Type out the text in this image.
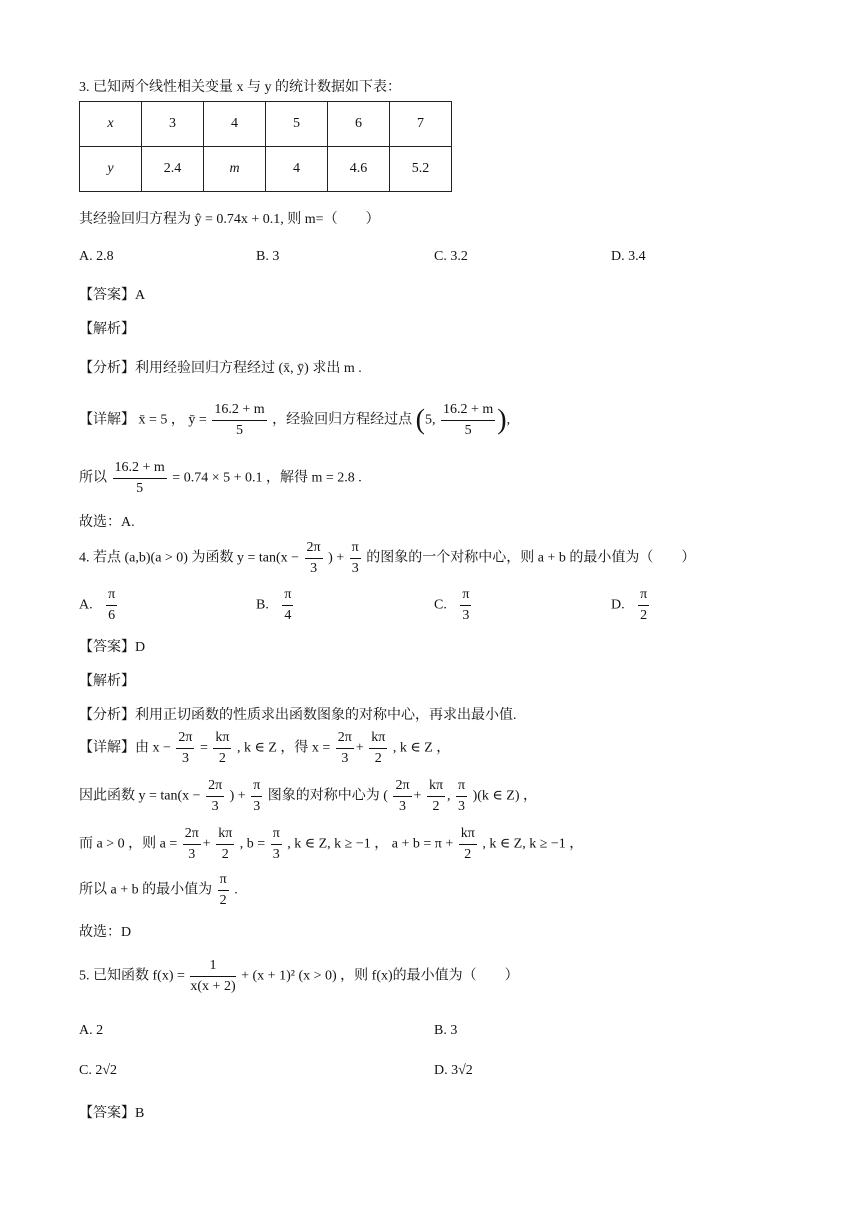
3. 已知两个线性相关变量 x 与 y 的统计数据如下表：
x	3	4	5	6	7
y	2.4	m	4	4.6	5.2
其经验回归方程为 ŷ = 0.74x + 0.1, 则 m=（　　）
A. 2.8	B. 3	C. 3.2	D. 3.4
【答案】A
【解析】
【分析】利用经验回归方程经过 (x̄, ȳ) 求出 m .
【详解】 x̄ = 5 ， ȳ = $\frac{16.2 + m}{5}$ ，经验回归方程经过点 (5, $\frac{16.2 + m}{5}$ ),
所以 $\frac{16.2 + m}{5} = 0.74 \times 5 + 0.1$ ，解得 m = 2.8 .
故选：A.
4. 若点 (a,b)(a > 0) 为函数 $y = \tan(x - \frac{2\pi}{3}$ ) + $\frac{\pi}{3}$ 的图象的一个对称中心，则 a + b 的最小值为（　　）
A. $\frac{\pi}{6}$	B. $\frac{\pi}{4}$	C. $\frac{\pi}{3}$	D. $\frac{\pi}{2}$
【答案】D
【解析】
【分析】利用正切函数的性质求出函数图象的对称中心，再求出最小值.
【详解】由 $x - \frac{2\pi}{3} = \frac{k\pi}{2}$ , k ∈ Z ，得 $x = \frac{2\pi}{3} + \frac{k\pi}{2}$ , k ∈ Z ，
因此函数 $y = \tan(x - \frac{2\pi}{3}$ ) + $\frac{\pi}{3}$ 图象的对称中心为 ( $\frac{2\pi}{3} + \frac{k\pi}{2}$ , $\frac{\pi}{3} )(k$ ∈ Z) ，
而 a > 0 ，则 $a = \frac{2\pi}{3} + \frac{k\pi}{2}$ , $b = \frac{\pi}{3}$ , k ∈ Z, k ≥ −1 ， $a + b = \pi + \frac{k\pi}{2}$ , k ∈ Z, k ≥ −1 ，
所以 a + b 的最小值为 $\frac{\pi}{2}$ .
故选：D
5. 已知函数 $f(x) = \frac{1}{x(x + 2)} + (x + 1)^2$ (x > 0) ，则 f(x)的最小值为（　　）
A. 2	B. 3
C. 2√2	D. 3√2
【答案】B
